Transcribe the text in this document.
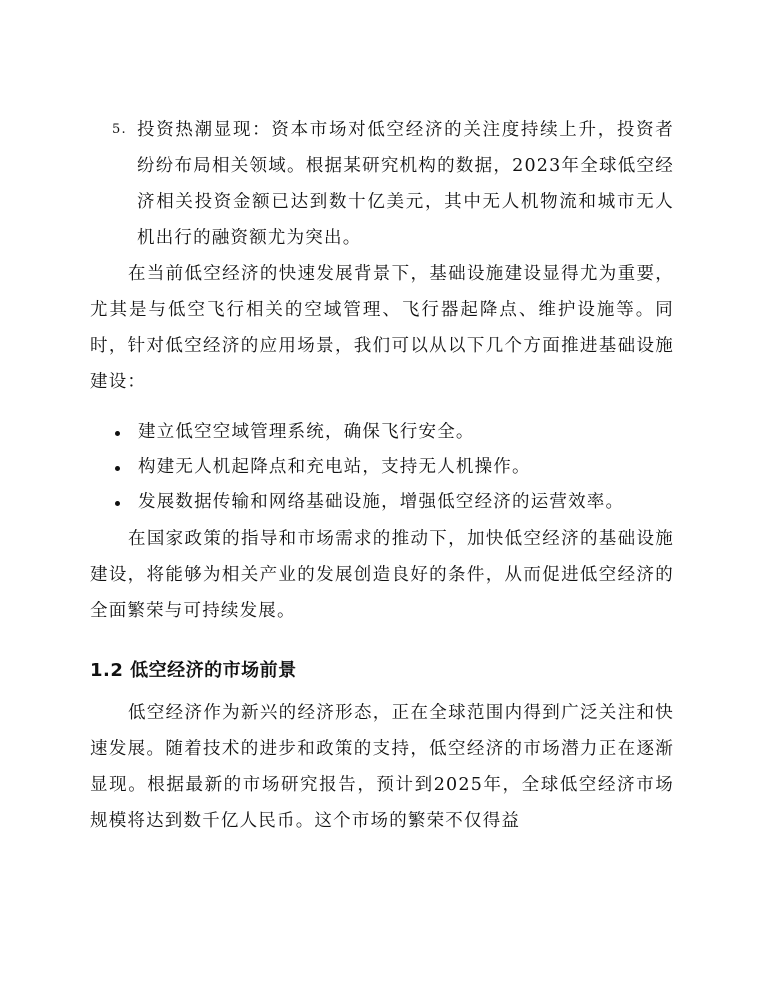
5. 投资热潮显现：资本市场对低空经济的关注度持续上升，投资者纷纷布局相关领域。根据某研究机构的数据，2023年全球低空经济相关投资金额已达到数十亿美元，其中无人机物流和城市无人机出行的融资额尤为突出。

在当前低空经济的快速发展背景下，基础设施建设显得尤为重要，尤其是与低空飞行相关的空域管理、飞行器起降点、维护设施等。同时，针对低空经济的应用场景，我们可以从以下几个方面推进基础设施建设：

建立低空空域管理系统，确保飞行安全。
构建无人机起降点和充电站，支持无人机操作。
发展数据传输和网络基础设施，增强低空经济的运营效率。

在国家政策的指导和市场需求的推动下，加快低空经济的基础设施建设，将能够为相关产业的发展创造良好的条件，从而促进低空经济的全面繁荣与可持续发展。

1.2 低空经济的市场前景

低空经济作为新兴的经济形态，正在全球范围内得到广泛关注和快速发展。随着技术的进步和政策的支持，低空经济的市场潜力正在逐渐显现。根据最新的市场研究报告，预计到2025年，全球低空经济市场规模将达到数千亿人民币。这个市场的繁荣不仅得益
